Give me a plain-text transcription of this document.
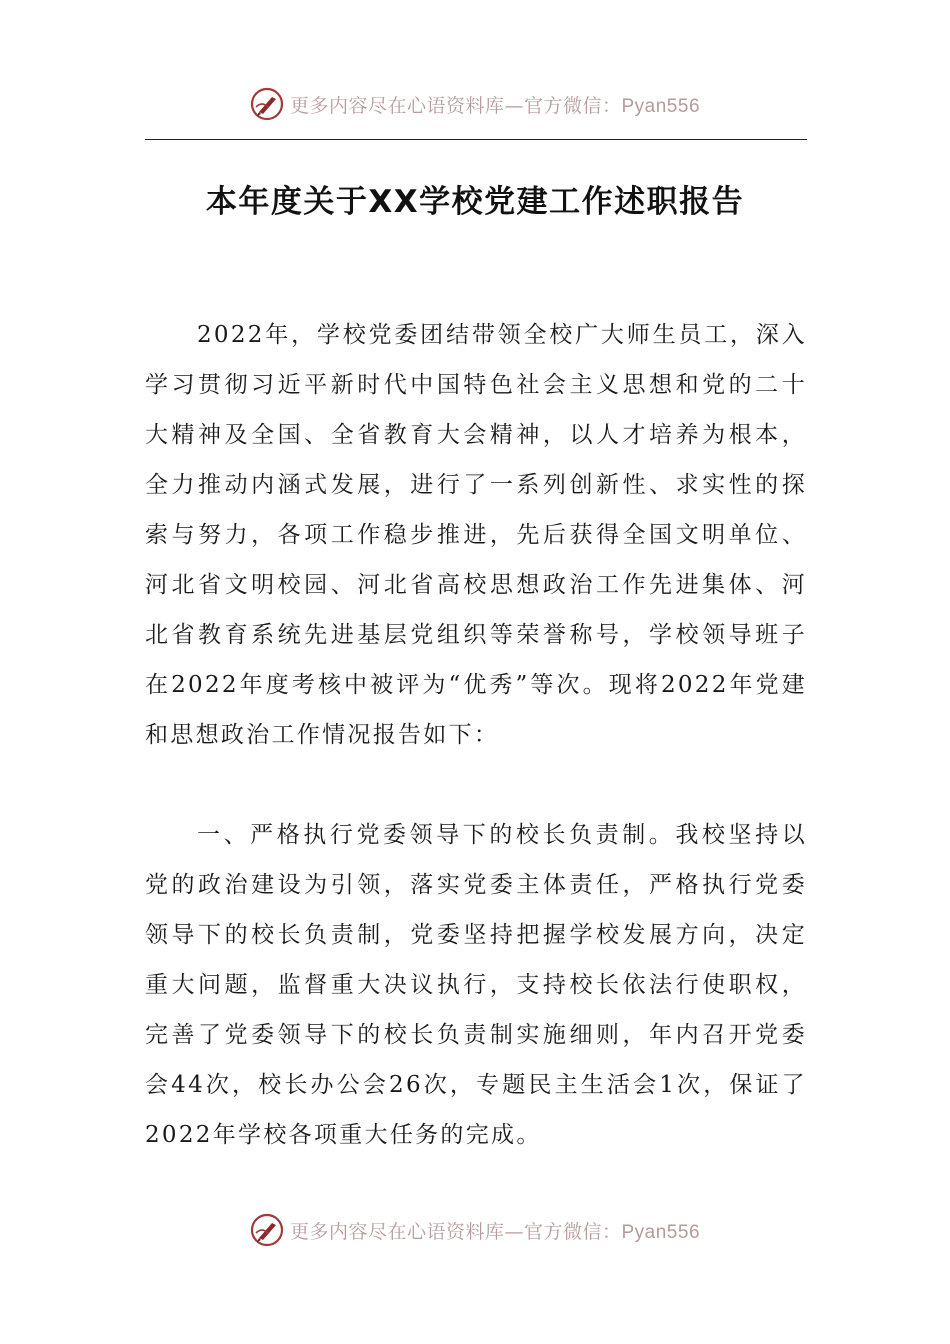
更多内容尽在心语资料库—官方微信：Pyan556
本年度关于XX学校党建工作述职报告
2022年，学校党委团结带领全校广大师生员工，深入
学习贯彻习近平新时代中国特色社会主义思想和党的二十
大精神及全国、全省教育大会精神，以人才培养为根本，
全力推动内涵式发展，进行了一系列创新性、求实性的探
索与努力，各项工作稳步推进，先后获得全国文明单位、
河北省文明校园、河北省高校思想政治工作先进集体、河
北省教育系统先进基层党组织等荣誉称号，学校领导班子
在2022年度考核中被评为“优秀”等次。现将2022年党建
和思想政治工作情况报告如下：
一、严格执行党委领导下的校长负责制。我校坚持以
党的政治建设为引领，落实党委主体责任，严格执行党委
领导下的校长负责制，党委坚持把握学校发展方向，决定
重大问题，监督重大决议执行，支持校长依法行使职权，
完善了党委领导下的校长负责制实施细则，年内召开党委
会44次，校长办公会26次，专题民主生活会1次，保证了
2022年学校各项重大任务的完成。
更多内容尽在心语资料库—官方微信：Pyan556
